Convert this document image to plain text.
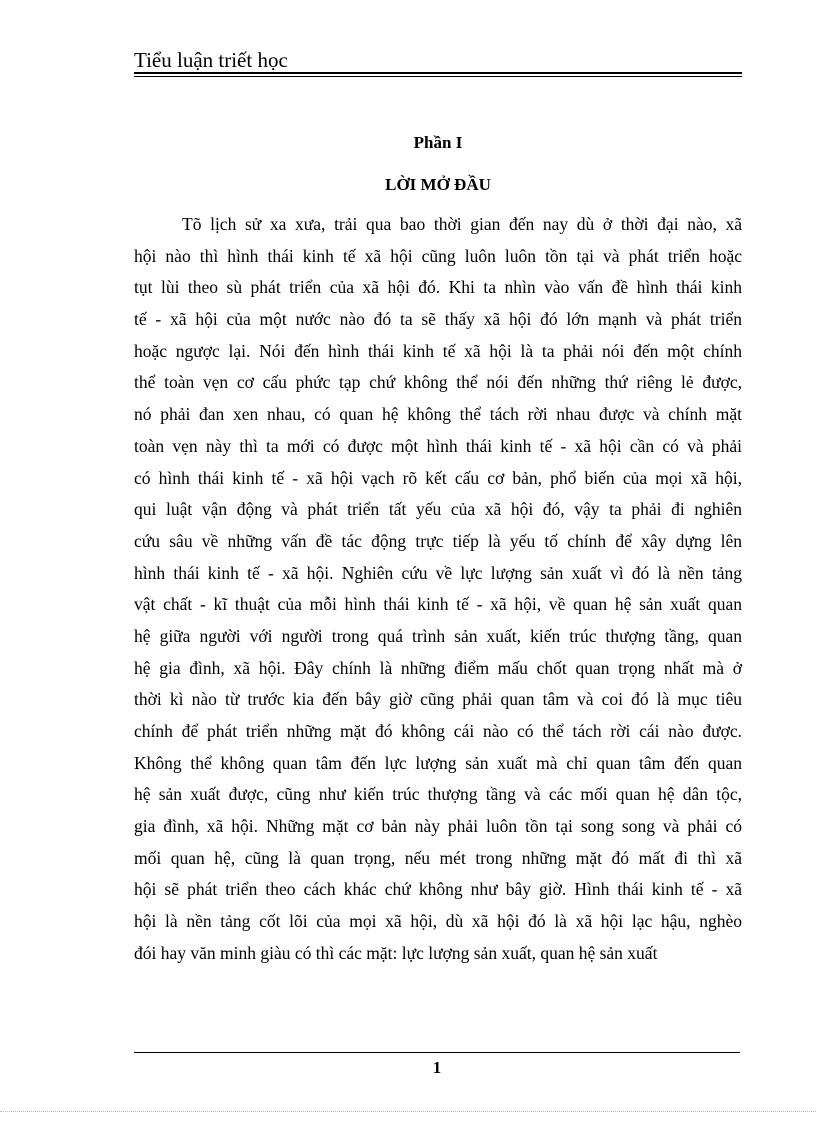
Tiểu luận triết học
Phần I
LỜI MỞ ĐẦU
Tõ lịch sử xa xưa, trải qua bao thời gian đến nay dù ở thời đại nào, xã
hội nào thì hình thái kinh tế xã hội cũng luôn luôn tồn tại và phát triển hoặc
tụt lùi theo sù phát triển của xã hội đó. Khi ta nhìn vào vấn đề hình thái kinh
tế - xã hội của một nước nào đó ta sẽ thấy xã hội đó lớn mạnh và phát triển
hoặc ngược lại. Nói đến hình thái kinh tế xã hội là ta phải nói đến một chính
thể toàn vẹn cơ cấu phức tạp chứ không thể nói đến những thứ riêng lẻ được,
nó phải đan xen nhau, có quan hệ không thể tách rời nhau được và chính mặt
toàn vẹn này thì ta mới có được một hình thái kinh tế - xã hội cần có và phải
có hình thái kinh tế - xã hội vạch rõ kết cấu cơ bản, phổ biến của mọi xã hội,
qui luật vận động và phát triển tất yếu của xã hội đó, vậy ta phải đi nghiên
cứu sâu về những vấn đề tác động trực tiếp là yếu tố chính để xây dựng lên
hình thái kinh tế - xã hội. Nghiên cứu về lực lượng sản xuất vì đó là nền tảng
vật chất - kĩ thuật của mỗi hình thái kinh tế - xã hội, về quan hệ sản xuất quan
hệ giữa người với người trong quá trình sản xuất, kiến trúc thượng tầng, quan
hệ gia đình, xã hội. Đây chính là những điểm mấu chốt quan trọng nhất mà ở
thời kì nào từ trước kia đến bây giờ cũng phải quan tâm và coi đó là mục tiêu
chính để phát triển những mặt đó không cái nào có thể tách rời cái nào được.
Không thể không quan tâm đến lực lượng sản xuất mà chỉ quan tâm đến quan
hệ sản xuất được, cũng như kiến trúc thượng tầng và các mối quan hệ dân tộc,
gia đình, xã hội. Những mặt cơ bản này phải luôn tồn tại song song và phải có
mối quan hệ, cũng là quan trọng, nếu mét trong những mặt đó mất đi thì xã
hội sẽ phát triển theo cách khác chứ không như bây giờ. Hình thái kinh tế - xã
hội là nền tảng cốt lõi của mọi xã hội, dù xã hội đó là xã hội lạc hậu, nghèo
đói hay văn minh giàu có thì các mặt: lực lượng sản xuất, quan hệ sản xuất
1
